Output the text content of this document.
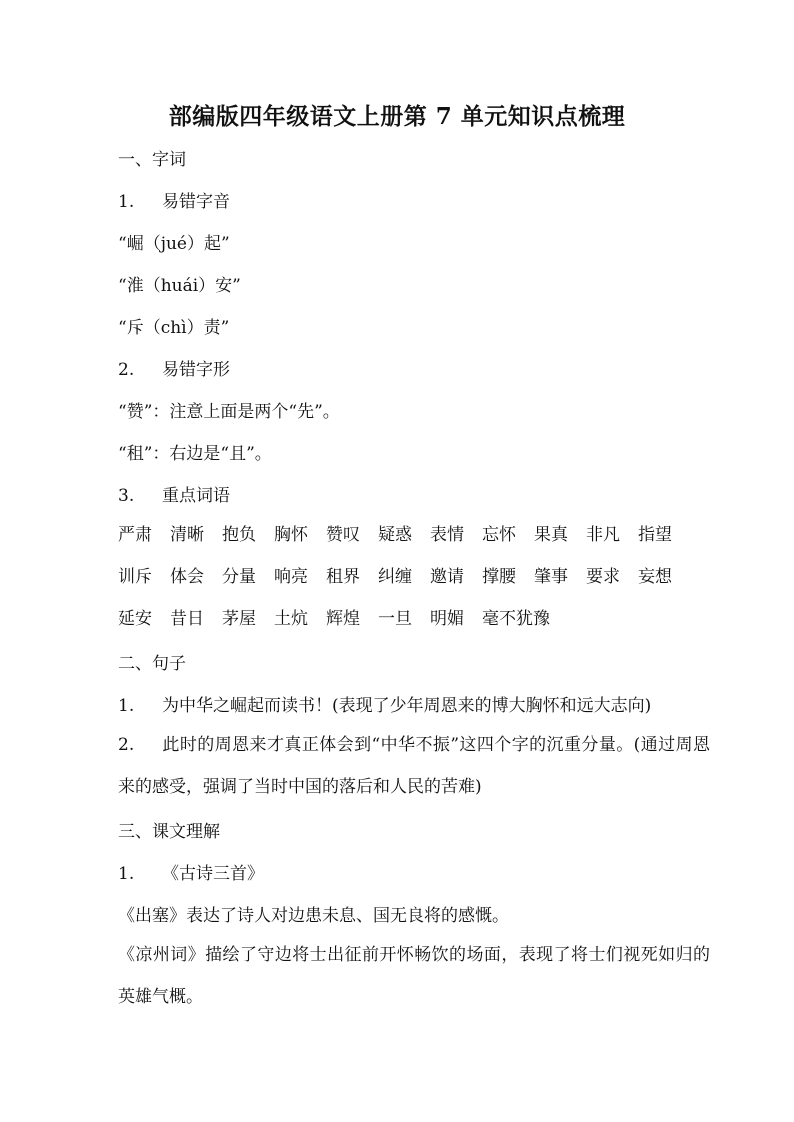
部编版四年级语文上册第 7 单元知识点梳理
一、字词
1. 易错字音
“崛（jué）起”
“淮（huái）安”
“斥（chì）责”
2. 易错字形
“赞”：注意上面是两个“先”。
“租”：右边是“且”。
3. 重点词语
严肃 清晰 抱负 胸怀 赞叹 疑惑 表情 忘怀 果真 非凡 指望训斥 体会 分量 响亮 租界 纠缠 邀请 撑腰 肇事 要求 妄想延安 昔日 茅屋 土炕 辉煌 一旦 明媚 毫不犹豫
二、句子
1. 为中华之崛起而读书！(表现了少年周恩来的博大胸怀和远大志向)
2. 此时的周恩来才真正体会到“中华不振”这四个字的沉重分量。(通过周恩来的感受，强调了当时中国的落后和人民的苦难)
三、课文理解
1. 《古诗三首》
《出塞》表达了诗人对边患未息、国无良将的感慨。
《凉州词》描绘了守边将士出征前开怀畅饮的场面，表现了将士们视死如归的英雄气概。
